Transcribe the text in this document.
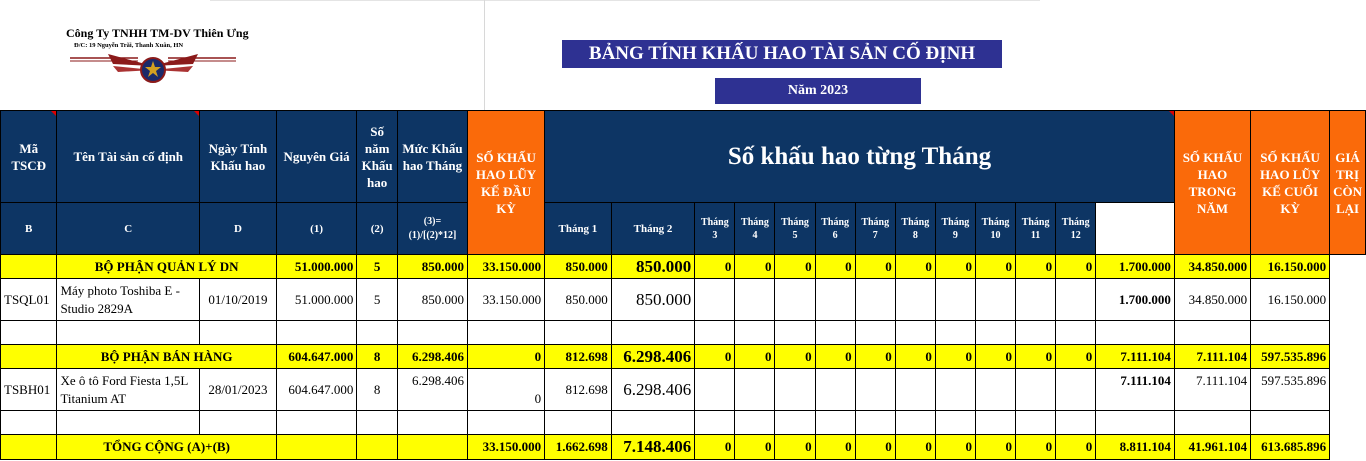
Công Ty TNHH TM-DV Thiên Ưng
Đ/C: 19 Nguyễn Trãi, Thanh Xuân, HN	BẢNG TÍNH KHẤU HAO TÀI SẢN CỐ ĐỊNH
Năm 2023
Mã TSCĐ	Tên Tài sản cố định	Ngày Tính Khấu hao	Nguyên Giá	Số năm Khấu hao	Mức Khấu hao Tháng	SỐ KHẤU HAO LŨY KẾ ĐẦU KỲ	Số khấu hao từng Tháng													SỐ KHẤU HAO TRONG NĂM	SỐ KHẤU HAO LŨY KẾ CUỐI KỲ	GIÁ TRỊ CÒN LẠI
B	C	D	(1)	(2)	(3)=(1)/[(2)*12]		Tháng 1	Tháng 2	Tháng 3	Tháng 4	Tháng 5	Tháng 6	Tháng 7	Tháng 8	Tháng 9	Tháng 10	Tháng 11	Tháng 12				
	BỘ PHẬN QUẢN LÝ DN		51.000.000	5	850.000	33.150.000	850.000	850.000	0	0	0	0	0	0	0	0	0	0	1.700.000	34.850.000	16.150.000	
TSQL01	Máy photo Toshiba E - Studio 2829A	01/10/2019	51.000.000	5	850.000	33.150.000	850.000	850.000											1.700.000	34.850.000	16.150.000	

	BỘ PHẬN BÁN HÀNG		604.647.000	8	6.298.406	0	812.698	6.298.406	0	0	0	0	0	0	0	0	0	0	7.111.104	7.111.104	597.535.896	
TSBH01	Xe ô tô Ford Fiesta 1,5L Titanium AT	28/01/2023	604.647.000	8	6.298.406	0	812.698	6.298.406											7.111.104	7.111.104	597.535.896	

	TỔNG CỘNG (A)+(B)					33.150.000	1.662.698	7.148.406	0	0	0	0	0	0	0	0	0	0	8.811.104	41.961.104	613.685.896	
